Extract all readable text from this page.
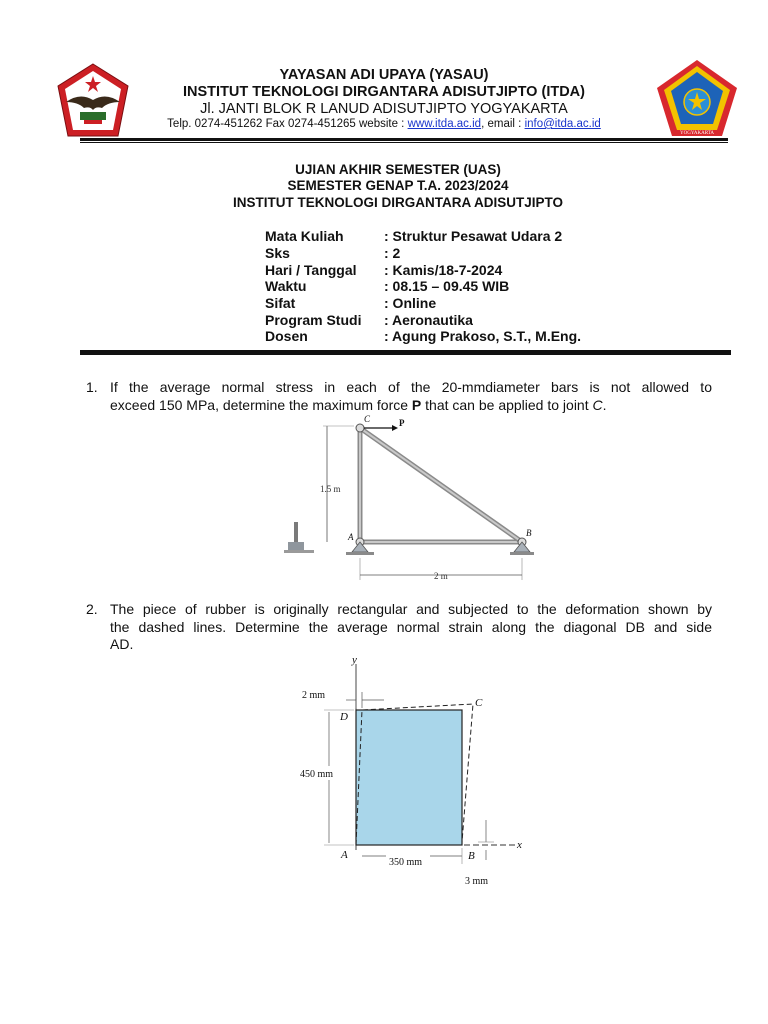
YOGYAKARTA
YAYASAN ADI UPAYA (YASAU)
INSTITUT TEKNOLOGI DIRGANTARA ADISUTJIPTO (ITDA)
Jl. JANTI BLOK R LANUD ADISUTJIPTO YOGYAKARTA
Telp. 0274-451262 Fax 0274-451265 website : www.itda.ac.id, email : info@itda.ac.id
UJIAN AKHIR SEMESTER (UAS)
SEMESTER GENAP T.A. 2023/2024
INSTITUT TEKNOLOGI DIRGANTARA ADISUTJIPTO
Mata Kuliah	: Struktur Pesawat Udara 2
Sks	: 2
Hari / Tanggal : Kamis/18-7-2024
Waktu	: 08.15 – 09.45 WIB
Sifat	: Online
Program Studi : Aeronautika
Dosen	: Agung Prakoso, S.T., M.Eng.
1. If the average normal stress in each of the 20-mmdiameter bars is not allowed to
exceed 150 MPa, determine the maximum force P that can be applied to joint C.
1.5 m
C	P
A	B
2 m
2. The piece of rubber is originally rectangular and subjected to the deformation shown by
the dashed lines. Determine the average normal strain along the diagonal DB and side
AD.
y
x
D
C
A	B
2 mm
450 mm
350 mm
3 mm
